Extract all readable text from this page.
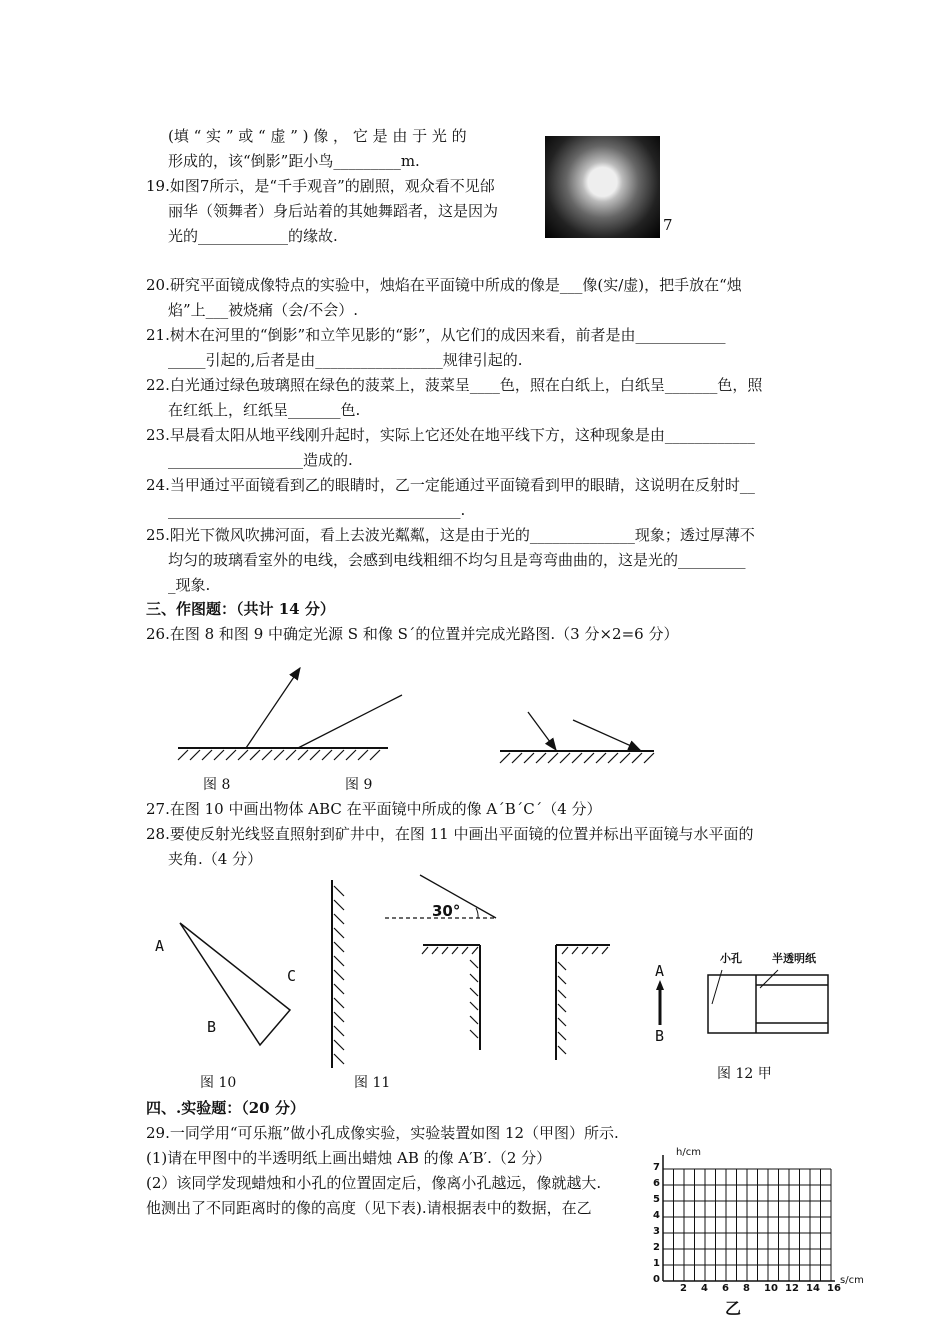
(填 “ 实 ” 或 “ 虚 ” ) 像 ， 它 是 由 于 光 的
形成的，该“倒影”距小鸟_________m.
7
19.如图7所示，是“千手观音”的剧照，观众看不见邰
丽华（领舞者）身后站着的其她舞蹈者，这是因为
光的____________的缘故.
20.研究平面镜成像特点的实验中，烛焰在平面镜中所成的像是___像(实/虚)，把手放在“烛
焰”上___被烧痛（会/不会）.
21.树木在河里的“倒影”和立竿见影的“影”，从它们的成因来看，前者是由____________
_____引起的,后者是由_________________规律引起的.
22.白光通过绿色玻璃照在绿色的菠菜上，菠菜呈____色，照在白纸上，白纸呈_______色，照
在红纸上，红纸呈_______色.
23.早晨看太阳从地平线刚升起时，实际上它还处在地平线下方，这种现象是由____________
__________________造成的.
24.当甲通过平面镜看到乙的眼睛时，乙一定能通过平面镜看到甲的眼睛，这说明在反射时__
_______________________________________.
25.阳光下微风吹拂河面，看上去波光粼粼，这是由于光的______________现象；透过厚薄不
均匀的玻璃看室外的电线，会感到电线粗细不均匀且是弯弯曲曲的，这是光的_________
_现象.
三、作图题：（共计 14 分）
26.在图 8 和图 9 中确定光源 S 和像 S´的位置并完成光路图.（3 分×2=6 分）
图 8	图 9
27.在图 10 中画出物体 ABC 在平面镜中所成的像 A´B´C´（4 分）
28.要使反射光线竖直照射到矿井中，在图 11 中画出平面镜的位置并标出平面镜与水平面的
夹角.（4 分）
A
B
C
30°
图 10	图 11
小孔	半透明纸
A
B
图 12 甲
四、.实验题：（20 分）
29.一同学用“可乐瓶”做小孔成像实验，实验装置如图 12（甲图）所示.
(1)请在甲图中的半透明纸上画出蜡烛 AB 的像 A′B′.（2 分）
(2）该同学发现蜡烛和小孔的位置固定后，像离小孔越远，像就越大.
他测出了不同距离时的像的高度（见下表).请根据表中的数据，在乙
h/cm
s/cm
0
1
2
3
4
5
6
7
2 4 6 8 10 12 14 16
乙
